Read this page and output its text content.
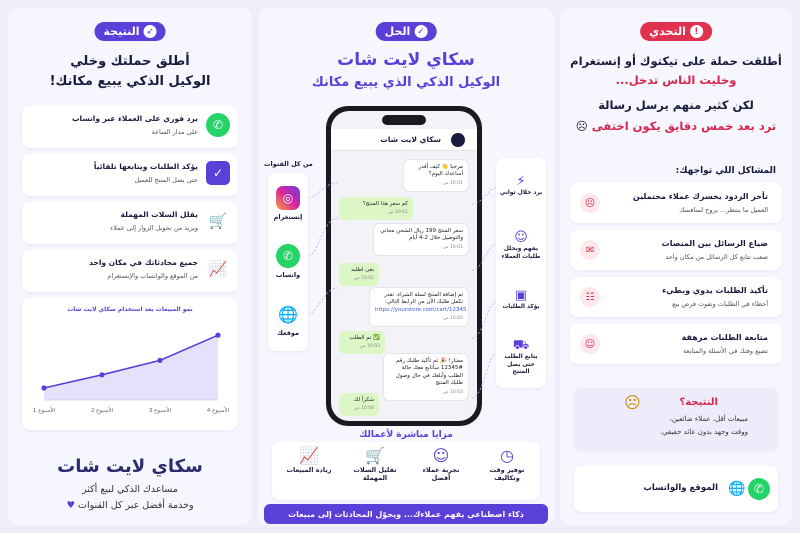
!
التحدي
أطلقت حملة على تيكتوك أو إنستغرام
وخليت الناس تدخل...
لكن كثير منهم يرسل رسالة
ترد بعد خمس دقايق يكون اختفى ☹
المشاكل اللي تواجهك:
تأخر الردود يخسرك عملاء محتملين
العميل ما ينتظر... يروح لمنافسك
☹
ضياع الرسائل بين المنصات
صعب تتابع كل الرسائل من مكان واحد
✉
تأكيد الطلبات يدوي وبطيء
أخطاء في الطلبات وتفوت فرص بيع
☷
متابعة الطلبات مرهقة
تضيع وقتك في الأسئلة والمتابعة
☺
النتيجة؟
☹
مبيعات أقل، عملاء ضائعين،
ووقت وجهد بدون عائد حقيقي.
الموقع والواتساب 🌐 ✆
✓
الحل
سكاي لايت شات
الوكيل الذكي الذي يبيع مكانك
من كل القنوات
◎
إنستغرام
✆
واتساب
🌐
موقعك
سكاي لايت شات
مرحبا 👋 كيف أقدر أساعدك اليوم؟
10:01 ص
كم سعر هذا المنتج؟
10:01 ص
سعر المنتج 199 ريال الشحن مجاني والتوصيل خلال 2-4 أيام
10:01 ص
بغى اطلبه
10:02 ص
تم إضافة المنتج لسلة الشراء. تقدر تكمل طلبك الآن من الرابط التالي:
https://yourstore.com/cart/12345
10:02 ص
✅ تم الطلب
10:03 ص
ممتاز! 🎉 تم تأكيد طلبك رقم #12345 سأتابع معك حالة الطلب وأبلغك في حال وصول طلبك المنتج
10:03 ص
شكراً لك
10:04 ص
⚡
يرد خلال ثواني
☺
يفهم ويحلل طلبات العملاء
▣
يؤكد الطلبات
⛟
يتابع الطلب حتى يصل المنتج
مزايا مباشرة لأعمالك
◷
توفير وقت وتكاليف
☺
تجربة عملاء أفضل
🛒
تقليل السلات المهملة
📈
زيادة المبيعات
ذكاء اصطناعي يفهم عملاءك... ويحوّل المحادثات إلى مبيعات
➶
النتيجة
أطلق حملتك وخلي
الوكيل الذكي يبيع مكانك!
يرد فوري على العملاء عبر واتساب
على مدار الساعة	✆
يؤكد الطلبات ويتابعها تلقائياً
حتى يصل المنتج للعميل	✓
يقلل السلات المهملة
ويزيد من تحويل الزوار إلى عملاء 🛒
جميع محادثاتك في مكان واحد
من الموقع والواتساب والإنستغرام 📈
نمو المبيعات بعد استخدام سكاي لايت شات
الأسبوع 1	الأسبوع 2	الأسبوع 3	الأسبوع 4
سكاي لايت شات
مساعدك الذكي لبيع أكثر
وخدمة أفضل عبر كل القنوات ♥
